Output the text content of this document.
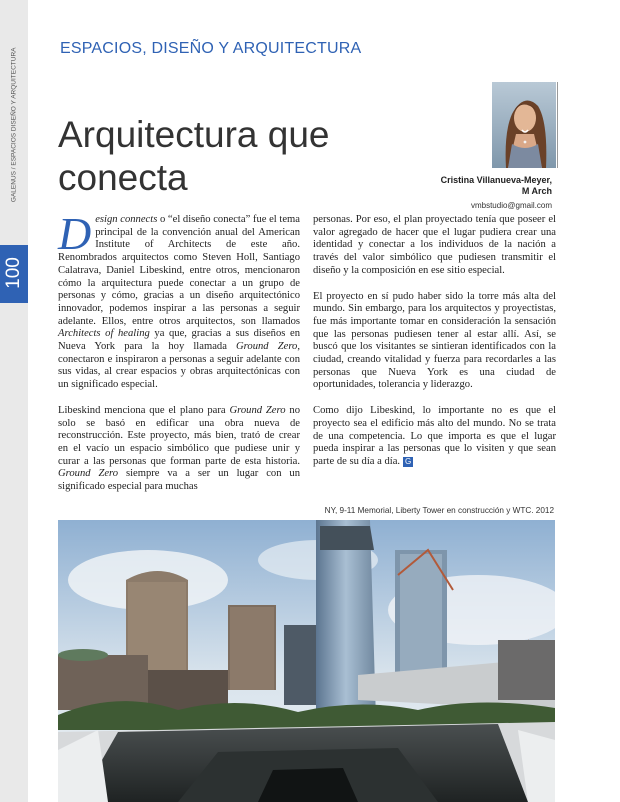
GALENUS / ESPACIOS DISEÑO Y ARQUITECTURA
100
ESPACIOS, DISEÑO Y ARQUITECTURA
Arquitectura que conecta	Cristina Villanueva-Meyer,
M Arch
vmbstudio@gmail.com

Design connects o “el diseño conecta” fue el tema principal de la convención anual del American Institute of Architects de este año. Renombrados arquitectos como Steven Holl, Santiago Calatrava, Daniel Libeskind, entre otros, mencionaron cómo la arquitectura puede conectar a un grupo de personas y cómo, gracias a un diseño arquitectónico innovador, podemos inspirar a las personas a seguir adelante. Ellos, entre otros arquitectos, son llamados Architects of healing ya que, gracias a sus diseños en Nueva York para la hoy llamada Ground Zero, conectaron e inspiraron a personas a seguir adelante con sus vidas, al crear espacios y obras arquitectónicas con un significado especial.

Libeskind menciona que el plano para Ground Zero no solo se basó en edificar una obra nueva de reconstrucción. Este proyecto, más bien, trató de crear en el vacío un espacio simbólico que pudiese unir y curar a las personas que forman parte de esta historia. Ground Zero siempre va a ser un lugar con un significado especial para muchas

personas. Por eso, el plan proyectado tenía que poseer el valor agregado de hacer que el lugar pudiera crear una identidad y conectar a los individuos de la nación a través del valor simbólico que pudiesen transmitir el diseño y la composición en ese sitio especial.

El proyecto en sí pudo haber sido la torre más alta del mundo. Sin embargo, para los arquitectos y proyectistas, fue más importante tomar en consideración la sensación que las personas pudiesen tener al estar allí. Así, se buscó que los visitantes se sintieran identificados con la ciudad, creando vitalidad y fuerza para recordarles a las personas que Nueva York es una ciudad de oportunidades, tolerancia y liderazgo.

Como dijo Libeskind, lo importante no es que el proyecto sea el edificio más alto del mundo. No se trata de una competencia. Lo que importa es que el lugar pueda inspirar a las personas que lo visiten y que sean parte de su día a día. G

NY, 9-11 Memorial, Liberty Tower en construcción y WTC. 2012
